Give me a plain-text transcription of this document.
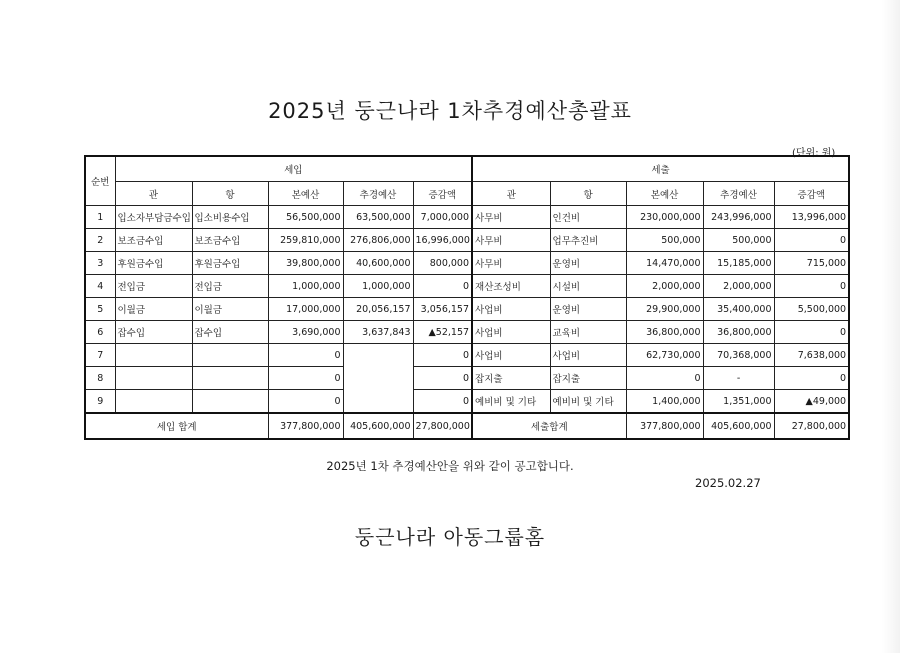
2025년 둥근나라 1차추경예산총괄표
(단위: 원)
순번	세입					세출				
	관	항	본예산	추경예산	증감액	관	항	본예산	추경예산	증감액
1	입소자부담금수입	입소비용수입	56,500,000	63,500,000	7,000,000	사무비	인건비	230,000,000	243,996,000	13,996,000
2	보조금수입	보조금수입	259,810,000	276,806,000	16,996,000	사무비	업무추진비	500,000	500,000	0
3	후원금수입	후원금수입	39,800,000	40,600,000	800,000	사무비	운영비	14,470,000	15,185,000	715,000
4	전입금	전입금	1,000,000	1,000,000	0	재산조성비	시설비	2,000,000	2,000,000	0
5	이월금	이월금	17,000,000	20,056,157	3,056,157	사업비	운영비	29,900,000	35,400,000	5,500,000
6	잡수입	잡수입	3,690,000	3,637,843	▲52,157	사업비	교육비	36,800,000	36,800,000	0
7			0		0	사업비	사업비	62,730,000	70,368,000	7,638,000
8			0		0	잡지출	잡지출	0	-	0
9			0		0	예비비 및 기타	예비비 및 기타	1,400,000	1,351,000	▲49,000
세입 합계			377,800,000	405,600,000	27,800,000	세출합계		377,800,000	405,600,000	27,800,000
2025년 1차 추경예산안을 위와 같이 공고합니다.
2025.02.27
둥근나라 아동그룹홈
